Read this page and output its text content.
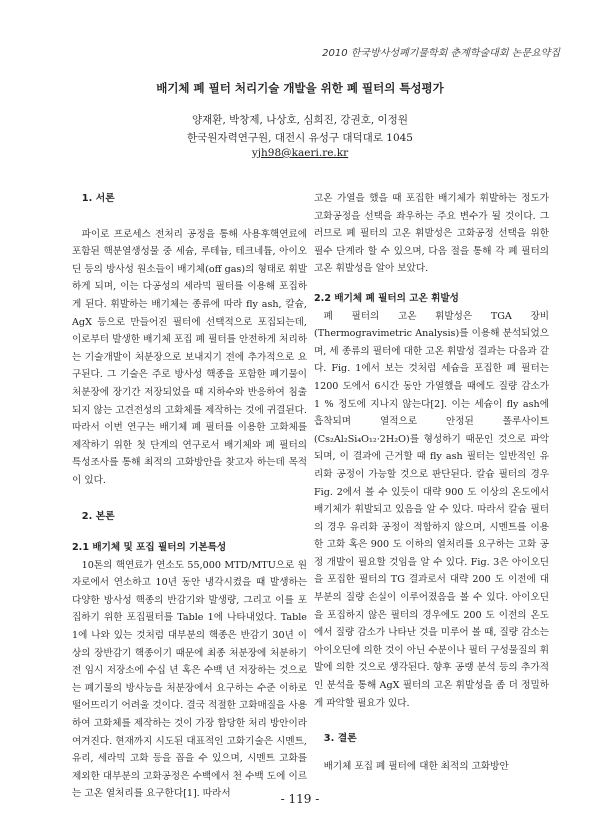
2010 한국방사성폐기물학회 춘계학술대회 논문요약집
배기체 폐 필터 처리기술 개발을 위한 폐 필터의 특성평가
양재환, 박창제, 나상호, 심희진, 강권호, 이정원
한국원자력연구원, 대전시 유성구 대덕대로 1045
yjh98@kaeri.re.kr

1. 서론

파이로 프로세스 전처리 공정을 통해 사용후핵연료에 포함된 핵분열생성물 중 세슘, 루테늄, 테크네튬, 아이오딘 등의 방사성 원소들이 배기체(off gas)의 형태로 휘발하게 되며, 이는 다공성의 세라믹 필터를 이용해 포집하게 된다. 휘발하는 배기체는 종류에 따라 fly ash, 칼슘, AgX 등으로 만들어진 필터에 선택적으로 포집되는데, 이로부터 발생한 배기체 포집 폐 필터를 안전하게 처리하는 기술개발이 처분장으로 보내지기 전에 추가적으로 요구된다. 그 기술은 주로 방사성 핵종을 포함한 폐기물이 처분장에 장기간 저장되었을 때 지하수와 반응하여 침출되지 않는 고견전성의 고화체를 제작하는 것에 귀결된다. 따라서 이번 연구는 배기체 폐 필터를 이용한 고화체를 제작하기 위한 첫 단계의 연구로서 배기체와 폐 필터의 특성조사를 통해 최적의 고화방안을 찾고자 하는데 목적이 있다.

2. 본론

2.1 배기체 및 포집 필터의 기본특성

10톤의 핵연료가 연소도 55,000 MTD/MTU으로 원자로에서 연소하고 10년 동안 냉각시켰을 때 발생하는 다양한 방사성 핵종의 반감기와 발생량, 그리고 이를 포집하기 위한 포집필터를 Table 1에 나타내었다. Table 1에 나와 있는 것처럼 대부분의 핵종은 반감기 30년 이상의 장반감기 핵종이기 때문에 최종 처분장에 처분하기 전 임시 저장소에 수십 년 혹은 수백 년 저장하는 것으로는 폐기물의 방사능을 처분장에서 요구하는 수준 이하로 떨어뜨리기 어려울 것이다. 결국 적절한 고화매질을 사용하여 고화체를 제작하는 것이 가장 합당한 처리 방안이라 여겨진다. 현재까지 시도된 대표적인 고화기술은 시멘트, 유리, 세라믹 고화 등을 꼽을 수 있으며, 시멘트 고화를 제외한 대부분의 고화공정은 수백에서 천 수백 도에 이르는 고온 열처리를 요구한다[1]. 따라서

고온 가열을 했을 때 포집한 배기체가 휘발하는 정도가 고화공정을 선택을 좌우하는 주요 변수가 될 것이다. 그러므로 폐 필터의 고온 휘발성은 고화공정 선택을 위한 필수 단계라 할 수 있으며, 다음 절을 통해 각 폐 필터의 고온 휘발성을 알아 보았다.

2.2 배기체 폐 필터의 고온 휘발성

폐 필터의 고온 휘발성은 TGA 장비(Thermogravimetric Analysis)를 이용해 분석되었으며, 세 종류의 필터에 대한 고온 휘발성 결과는 다음과 같다. Fig. 1에서 보는 것처럼 세슘을 포집한 폐 필터는 1200 도에서 6시간 동안 가열했을 때에도 질량 감소가 1 % 정도에 지나지 않는다[2]. 이는 세슘이 fly ash에 흡착되며 열적으로 안정된 폴루사이트(Cs₂Al₂Si₄O₁₂·2H₂O)를 형성하기 때문인 것으로 파악되며, 이 결과에 근거할 때 fly ash 필터는 일반적인 유리화 공정이 가능할 것으로 판단된다. 칼슘 필터의 경우 Fig. 2에서 볼 수 있듯이 대략 900 도 이상의 온도에서 배기체가 휘발되고 있음을 알 수 있다. 따라서 칼슘 필터의 경우 유리화 공정이 적합하지 않으며, 시멘트를 이용한 고화 혹은 900 도 이하의 열처리를 요구하는 고화 공정 개발이 필요할 것임을 알 수 있다. Fig. 3은 아이오딘을 포집한 필터의 TG 결과로서 대략 200 도 이전에 대부분의 질량 손실이 이루어졌음을 볼 수 있다. 아이오딘을 포집하지 않은 필터의 경우에도 200 도 이전의 온도에서 질량 감소가 나타난 것을 미루어 볼 때, 질량 감소는 아이오딘에 의한 것이 아닌 수분이나 필터 구성물질의 휘발에 의한 것으로 생각된다. 향후 공랭 분석 등의 추가적인 분석을 통해 AgX 필터의 고온 휘발성을 좀 더 정밀하게 파악할 필요가 있다.

3. 결론

배기체 포집 폐 필터에 대한 최적의 고화방안

- 119 -
